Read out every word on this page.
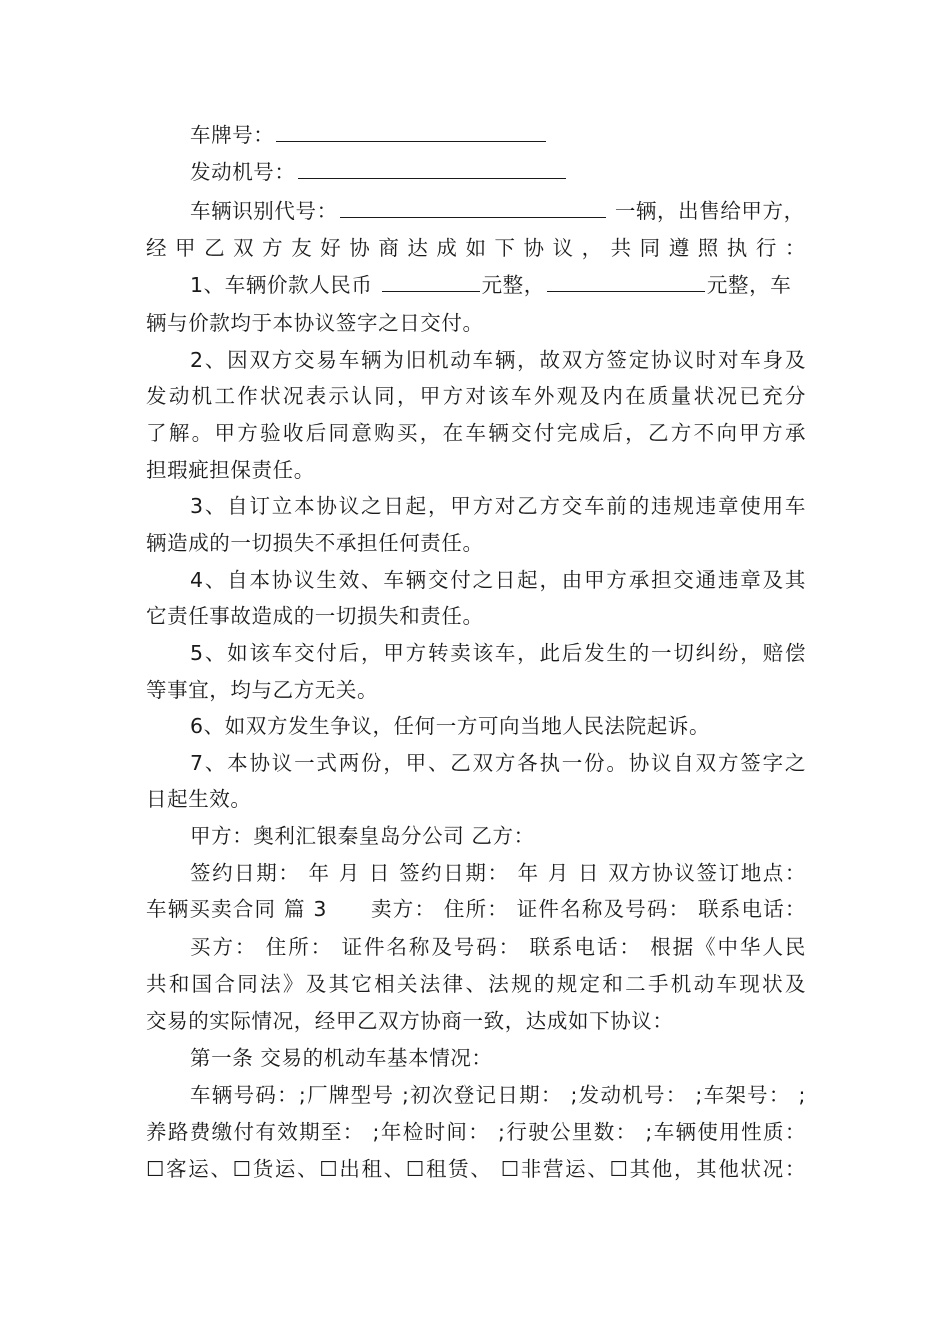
车牌号：
发动机号：
车辆识别代号：	一辆，出售给甲方，
经甲乙双方友好协商达成如下协议，共同遵照执行：
1、车辆价款人民币	元整，	元整，车
辆与价款均于本协议签字之日交付。
2、因双方交易车辆为旧机动车辆，故双方签定协议时对车身及
发动机工作状况表示认同，甲方对该车外观及内在质量状况已充分
了解。甲方验收后同意购买，在车辆交付完成后，乙方不向甲方承
担瑕疵担保责任。
3、自订立本协议之日起，甲方对乙方交车前的违规违章使用车
辆造成的一切损失不承担任何责任。
4、自本协议生效、车辆交付之日起，由甲方承担交通违章及其
它责任事故造成的一切损失和责任。
5、如该车交付后，甲方转卖该车，此后发生的一切纠纷，赔偿
等事宜，均与乙方无关。
6、如双方发生争议，任何一方可向当地人民法院起诉。
7、本协议一式两份，甲、乙双方各执一份。协议自双方签字之
日起生效。
甲方：奥利汇银秦皇岛分公司 乙方：
签约日期： 年 月 日 签约日期： 年 月 日 双方协议签订地点：
车辆买卖合同 篇 3　　卖方： 住所： 证件名称及号码： 联系电话：
买方： 住所： 证件名称及号码： 联系电话： 根据《中华人民
共和国合同法》及其它相关法律、法规的规定和二手机动车现状及
交易的实际情况，经甲乙双方协商一致，达成如下协议：
第一条 交易的机动车基本情况：
车辆号码：;厂牌型号 ;初次登记日期： ;发动机号： ;车架号： ;
养路费缴付有效期至： ;年检时间： ;行驶公里数： ;车辆使用性质：
☐客运、☐货运、☐出租、☐租赁、 ☐非营运、☐其他，其他状况：
